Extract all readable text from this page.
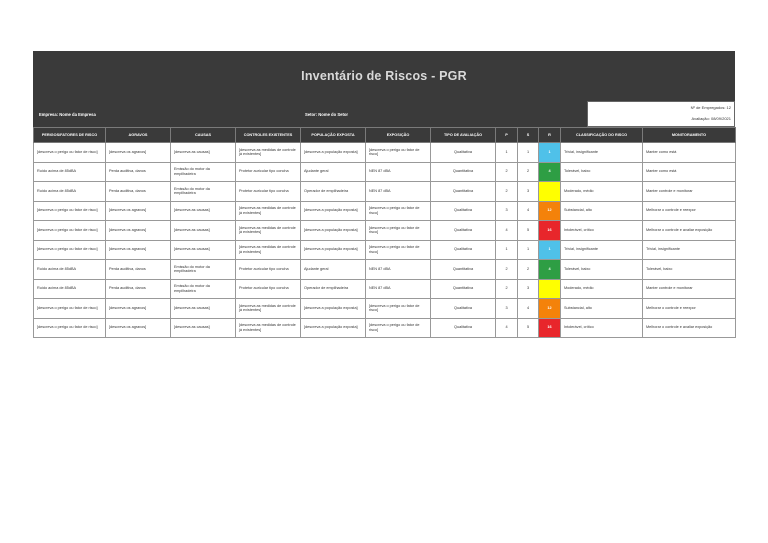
Inventário de Riscos - PGR
Empresa: Nome da Empresa	Setor: Nome do Setor
Nº de Empregados: 12
Avaliação: 08/09/2021
PERIGOS/FATORES DE RISCO	AGRAVOS	CAUSAS	CONTROLES EXISTENTES	POPULAÇÃO EXPOSTA	EXPOSIÇÃO	TIPO DE AVALIAÇÃO	P	S	R	CLASSIFICAÇÃO DO RISCO	MONITORAMENTO
[descreva o perigo ou fator de risco]	[descreva os agravos]	[descreva as causas]	[descreva as medidas de controle já existentes]	[descreva a população exposta]	[descreva o perigo ou fator de risco]	Qualitativa	1	1	1	Trivial, insignificante	Manter como está
Ruído acima de 85dBA	Perda auditiva, danos	Emissão do motor da empilhadeira	Protetor auricular tipo concha	Ajudante geral	NEN 87 dBA	Quantitativa	2	2	4	Tolerável, baixo	Manter como está
Ruído acima de 85dBA	Perda auditiva, danos	Emissão do motor da empilhadeira	Protetor auricular tipo concha	Operador de empilhadeira	NEN 87 dBA	Quantitativa	2	3	6	Moderado, médio	Manter controle e monitorar
[descreva o perigo ou fator de risco]	[descreva os agravos]	[descreva as causas]	[descreva as medidas de controle já existentes]	[descreva a população exposta]	[descreva o perigo ou fator de risco]	Qualitativa	3	4	12	Substancial, alto	Melhorar o controle e reexpor
[descreva o perigo ou fator de risco]	[descreva os agravos]	[descreva as causas]	[descreva as medidas de controle já existentes]	[descreva a população exposta]	[descreva o perigo ou fator de risco]	Qualitativa	4	5	16	Intolerável, crítico	Melhorar o controle e avaliar exposição
[descreva o perigo ou fator de risco]	[descreva os agravos]	[descreva as causas]	[descreva as medidas de controle já existentes]	[descreva a população exposta]	[descreva o perigo ou fator de risco]	Qualitativa	1	1	1	Trivial, insignificante	Trivial, insignificante
Ruído acima de 85dBA	Perda auditiva, danos	Emissão do motor da empilhadeira	Protetor auricular tipo concha	Ajudante geral	NEN 87 dBA	Quantitativa	2	2	4	Tolerável, baixo	Tolerável, baixo
Ruído acima de 85dBA	Perda auditiva, danos	Emissão do motor da empilhadeira	Protetor auricular tipo concha	Operador de empilhadeira	NEN 87 dBA	Quantitativa	2	3	6	Moderado, médio	Manter controle e monitorar
[descreva o perigo ou fator de risco]	[descreva os agravos]	[descreva as causas]	[descreva as medidas de controle já existentes]	[descreva a população exposta]	[descreva o perigo ou fator de risco]	Qualitativa	3	4	12	Substancial, alto	Melhorar o controle e reexpor
[descreva o perigo ou fator de risco]	[descreva os agravos]	[descreva as causas]	[descreva as medidas de controle já existentes]	[descreva a população exposta]	[descreva o perigo ou fator de risco]	Qualitativa	4	5	16	Intolerável, crítico	Melhorar o controle e avaliar exposição
